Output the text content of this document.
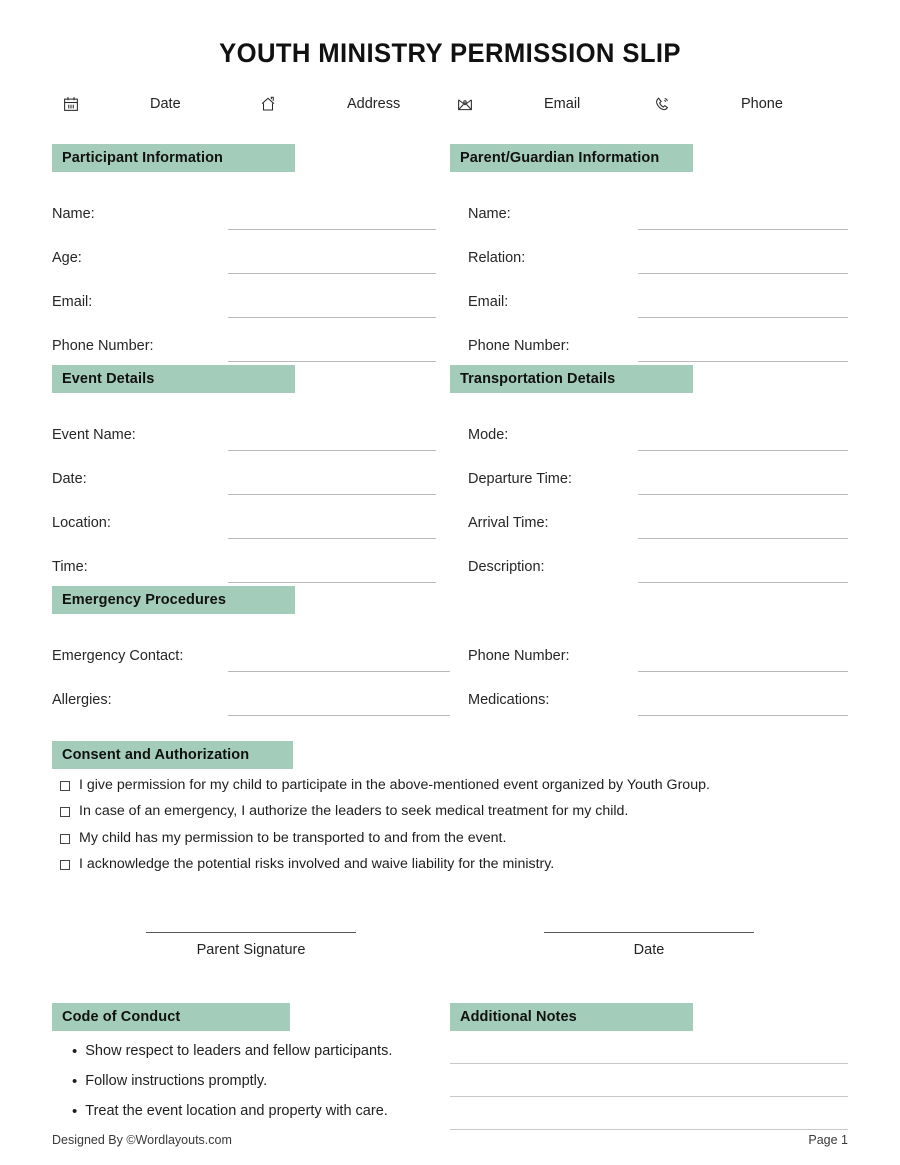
YOUTH MINISTRY PERMISSION SLIP
Date	Address	Email	Phone
Participant Information
Name:
Age:
Email:
Phone Number:
Parent/Guardian Information
Name:
Relation:
Email:
Phone Number:
Event Details
Event Name:
Date:
Location:
Time:
Transportation Details
Mode:
Departure Time:
Arrival Time:
Description:
Emergency Procedures
Emergency Contact:
Allergies:
Phone Number:
Medications:
Consent and Authorization
I give permission for my child to participate in the above-mentioned event organized by Youth Group.
In case of an emergency, I authorize the leaders to seek medical treatment for my child.
My child has my permission to be transported to and from the event.
I acknowledge the potential risks involved and waive liability for the ministry.
Parent Signature	Date
Code of Conduct
• Show respect to leaders and fellow participants.
• Follow instructions promptly.
• Treat the event location and property with care.
Additional Notes
Designed By ©Wordlayouts.com	Page 1
